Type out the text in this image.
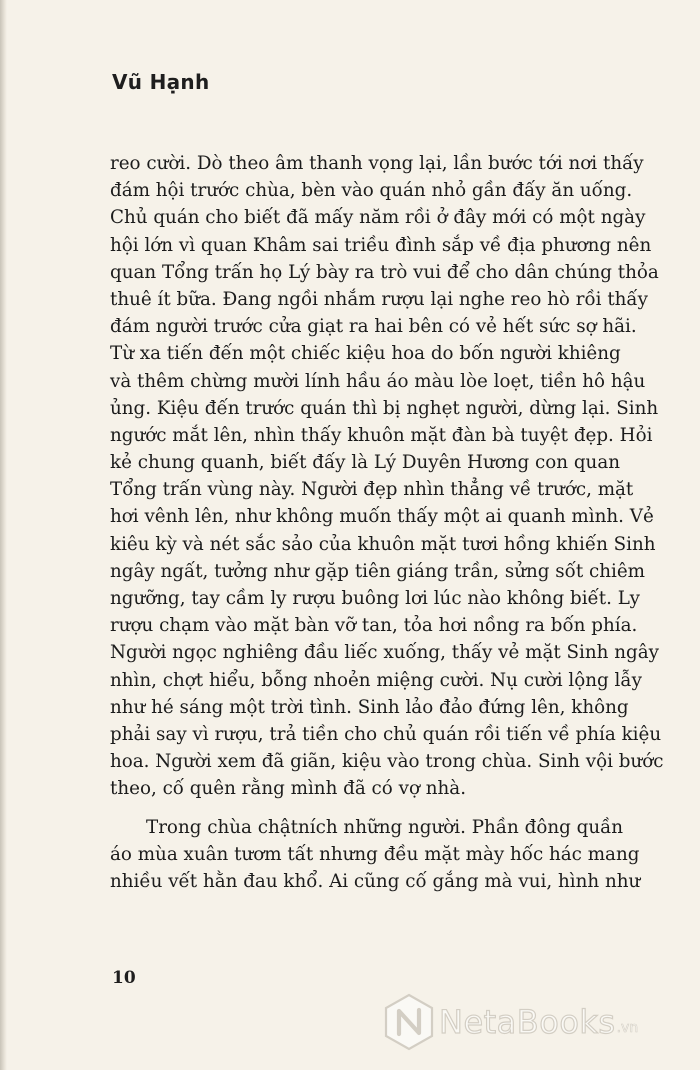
Vũ Hạnh
reo cười. Dò theo âm thanh vọng lại, lần bước tới nơi thấy
đám hội trước chùa, bèn vào quán nhỏ gần đấy ăn uống.
Chủ quán cho biết đã mấy năm rồi ở đây mới có một ngày
hội lớn vì quan Khâm sai triều đình sắp về địa phương nên
quan Tổng trấn họ Lý bày ra trò vui để cho dân chúng thỏa
thuê ít bữa. Đang ngồi nhắm rượu lại nghe reo hò rồi thấy
đám người trước cửa giạt ra hai bên có vẻ hết sức sợ hãi.
Từ xa tiến đến một chiếc kiệu hoa do bốn người khiêng
và thêm chừng mười lính hầu áo màu lòe loẹt, tiền hô hậu
ủng. Kiệu đến trước quán thì bị nghẹt người, dừng lại. Sinh
ngước mắt lên, nhìn thấy khuôn mặt đàn bà tuyệt đẹp. Hỏi
kẻ chung quanh, biết đấy là Lý Duyên Hương con quan
Tổng trấn vùng này. Người đẹp nhìn thẳng về trước, mặt
hơi vênh lên, như không muốn thấy một ai quanh mình. Vẻ
kiêu kỳ và nét sắc sảo của khuôn mặt tươi hồng khiến Sinh
ngây ngất, tưởng như gặp tiên giáng trần, sửng sốt chiêm
ngưỡng, tay cầm ly rượu buông lơi lúc nào không biết. Ly
rượu chạm vào mặt bàn vỡ tan, tỏa hơi nồng ra bốn phía.
Người ngọc nghiêng đầu liếc xuống, thấy vẻ mặt Sinh ngây
nhìn, chợt hiểu, bỗng nhoẻn miệng cười. Nụ cười lộng lẫy
như hé sáng một trời tình. Sinh lảo đảo đứng lên, không
phải say vì rượu, trả tiền cho chủ quán rồi tiến về phía kiệu
hoa. Người xem đã giãn, kiệu vào trong chùa. Sinh vội bước
theo, cố quên rằng mình đã có vợ nhà.
Trong chùa chậtních những người. Phần đông quần
áo mùa xuân tươm tất nhưng đều mặt mày hốc hác mang
nhiều vết hằn đau khổ. Ai cũng cố gắng mà vui, hình như
10
NetaBooks .vn
